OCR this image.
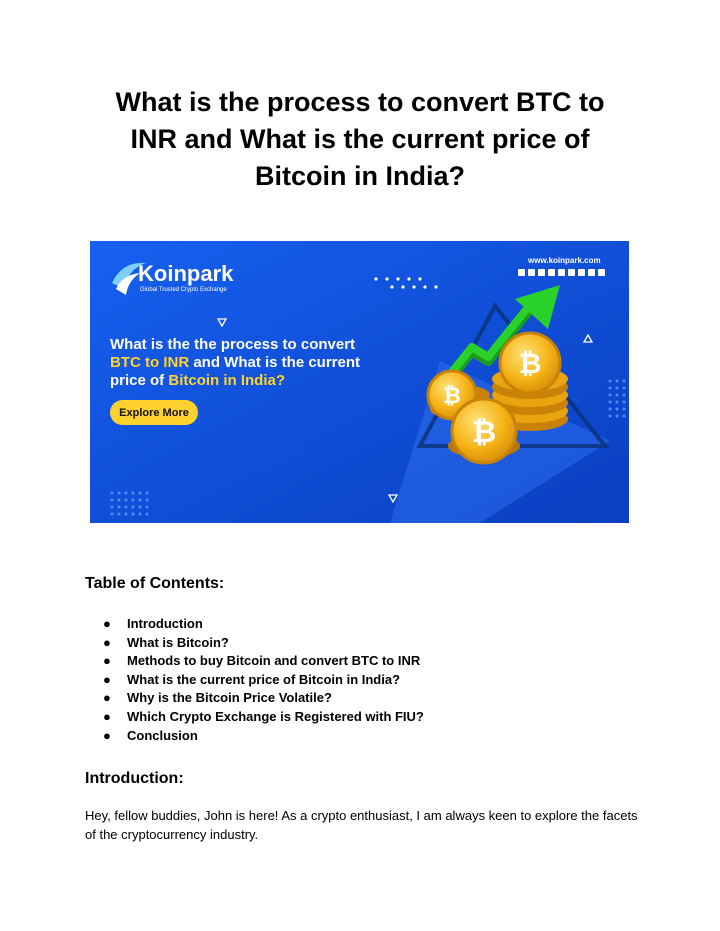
What is the process to convert BTC to
INR and What is the current price of
Bitcoin in India?
Koinpark
Global Trusted Crypto Exchange
www.koinpark.com
What is the the process to convert
BTC to INR and What is the current
price of Bitcoin in India?
Explore More
₿
₿
₿
Table of Contents:
● Introduction
● What is Bitcoin?
● Methods to buy Bitcoin and convert BTC to INR
● What is the current price of Bitcoin in India?
● Why is the Bitcoin Price Volatile?
● Which Crypto Exchange is Registered with FIU?
● Conclusion
Introduction:

Hey, fellow buddies, John is here! As a crypto enthusiast, I am always keen to explore the facets of the cryptocurrency industry.
